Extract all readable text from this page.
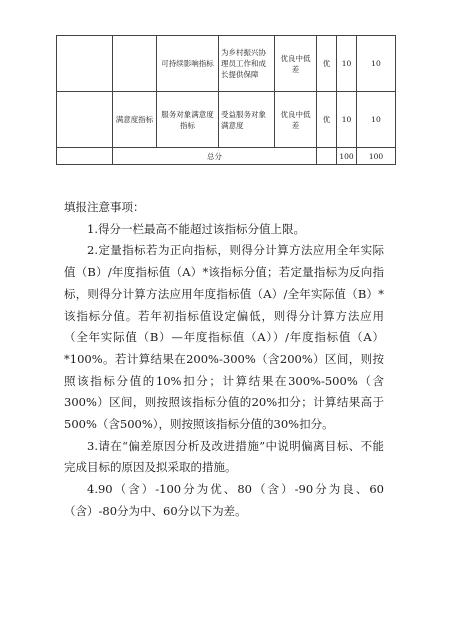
		可持续影响指标	为乡村振兴协理员工作和成长提供保障	优良中低差	优	10	10
	满意度指标	服务对象满意度指标	受益服务对象满意度	优良中低差	优	10	10
	总分					100	100

填报注意事项：

1.得分一栏最高不能超过该指标分值上限。

2.定量指标若为正向指标，则得分计算方法应用全年实际值（B）/年度指标值（A）*该指标分值；若定量指标为反向指标，则得分计算方法应用年度指标值（A）/全年实际值（B）*该指标分值。若年初指标值设定偏低，则得分计算方法应用（全年实际值（B）—年度指标值（A））/年度指标值（A）*100%。若计算结果在200%-300%（含200%）区间，则按照该指标分值的10%扣分；计算结果在300%-500%（含300%）区间，则按照该指标分值的20%扣分；计算结果高于500%（含500%），则按照该指标分值的30%扣分。

3.请在“偏差原因分析及改进措施”中说明偏离目标、不能完成目标的原因及拟采取的措施。

4.90（含）-100分为优、80（含）-90分为良、60（含）-80分为中、60分以下为差。
